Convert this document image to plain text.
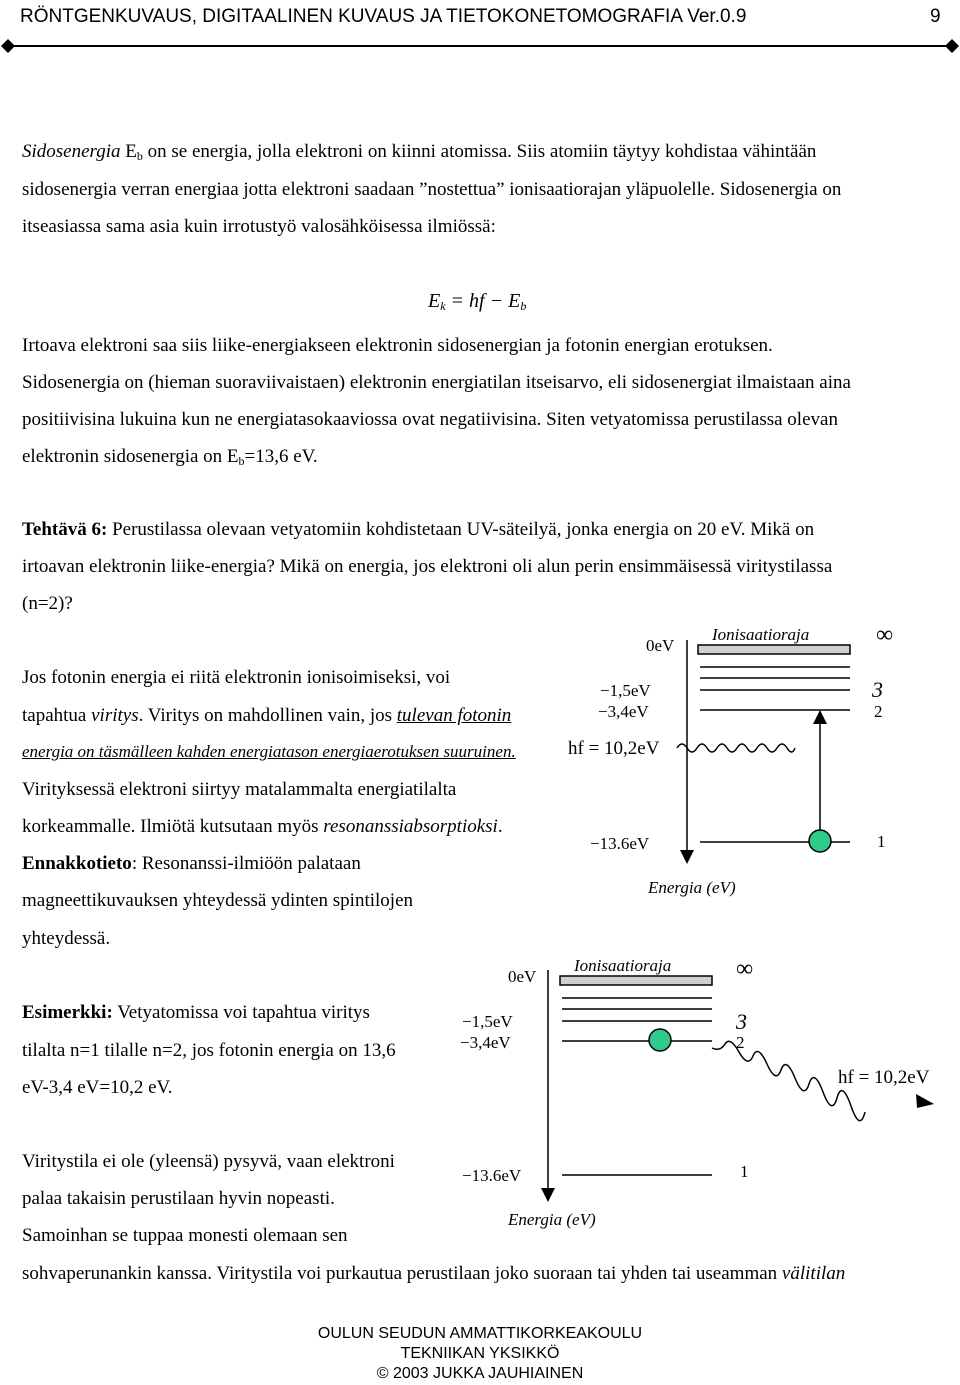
RÖNTGENKUVAUS, DIGITAALINEN KUVAUS JA TIETOKONETOMOGRAFIA Ver.0.9	9
Sidosenergia $E_b$ on se energia, jolla elektroni on kiinni atomissa. Siis atomiin täytyy kohdistaa vähintään
sidosenergia verran energiaa jotta elektroni saadaan ”nostettua” ionisaatiorajan yläpuolelle. Sidosenergia on
itseasiassa sama asia kuin irrotustyö valosähköisessa ilmiössä:
$E_k$ = hf − $E_b$
Irtoava elektroni saa siis liike-energiakseen elektronin sidosenergian ja fotonin energian erotuksen.
Sidosenergia on (hieman suoraviivaistaen) elektronin energiatilan itseisarvo, eli sidosenergiat ilmaistaan aina
positiivisina lukuina kun ne energiatasokaaviossa ovat negatiivisina. Siten vetyatomissa perustilassa olevan
elektronin sidosenergia on $E_b=13,6$ eV.
Tehtävä 6: Perustilassa olevaan vetyatomiin kohdistetaan UV-säteilyä, jonka energia on 20 eV. Mikä on
irtoavan elektronin liike-energia? Mikä on energia, jos elektroni oli alun perin ensimmäisessä viritystilassa
(n=2)?
Jos fotonin energia ei riitä elektronin ionisoimiseksi, voi
tapahtua viritys. Viritys on mahdollinen vain, jos tulevan fotonin
energia on täsmälleen kahden energiatason energiaerotuksen suuruinen.
Virityksessä elektroni siirtyy matalammalta energiatilalta
korkeammalle. Ilmiötä kutsutaan myös resonanssiabsorptioksi.
Ennakkotieto: Resonanssi-ilmiöön palataan
magneettikuvauksen yhteydessä ydinten spintilojen
yhteydessä.
Esimerkki: Vetyatomissa voi tapahtua viritys
tilalta n=1 tilalle n=2, jos fotonin energia on 13,6
eV-3,4 eV=10,2 eV.
Viritystila ei ole (yleensä) pysyvä, vaan elektroni
palaa takaisin perustilaan hyvin nopeasti.
Samoinhan se tuppaa monesti olemaan sen
sohvaperunankin kanssa. Viritystila voi purkautua perustilaan joko suoraan tai yhden tai useamman välitilan
0eV
Ionisaatioraja	∞
−1,5eV
−3,4eV
hf = 10,2eV
3
2
−13.6eV	1
Energia (eV)
0eV
Ionisaatioraja	∞
−1,5eV
−3,4eV
3
2
hf = 10,2eV
−13.6eV	1
Energia (eV)
OULUN SEUDUN AMMATTIKORKEAKOULU
TEKNIIKAN YKSIKKÖ
© 2003 JUKKA JAUHIAINEN
